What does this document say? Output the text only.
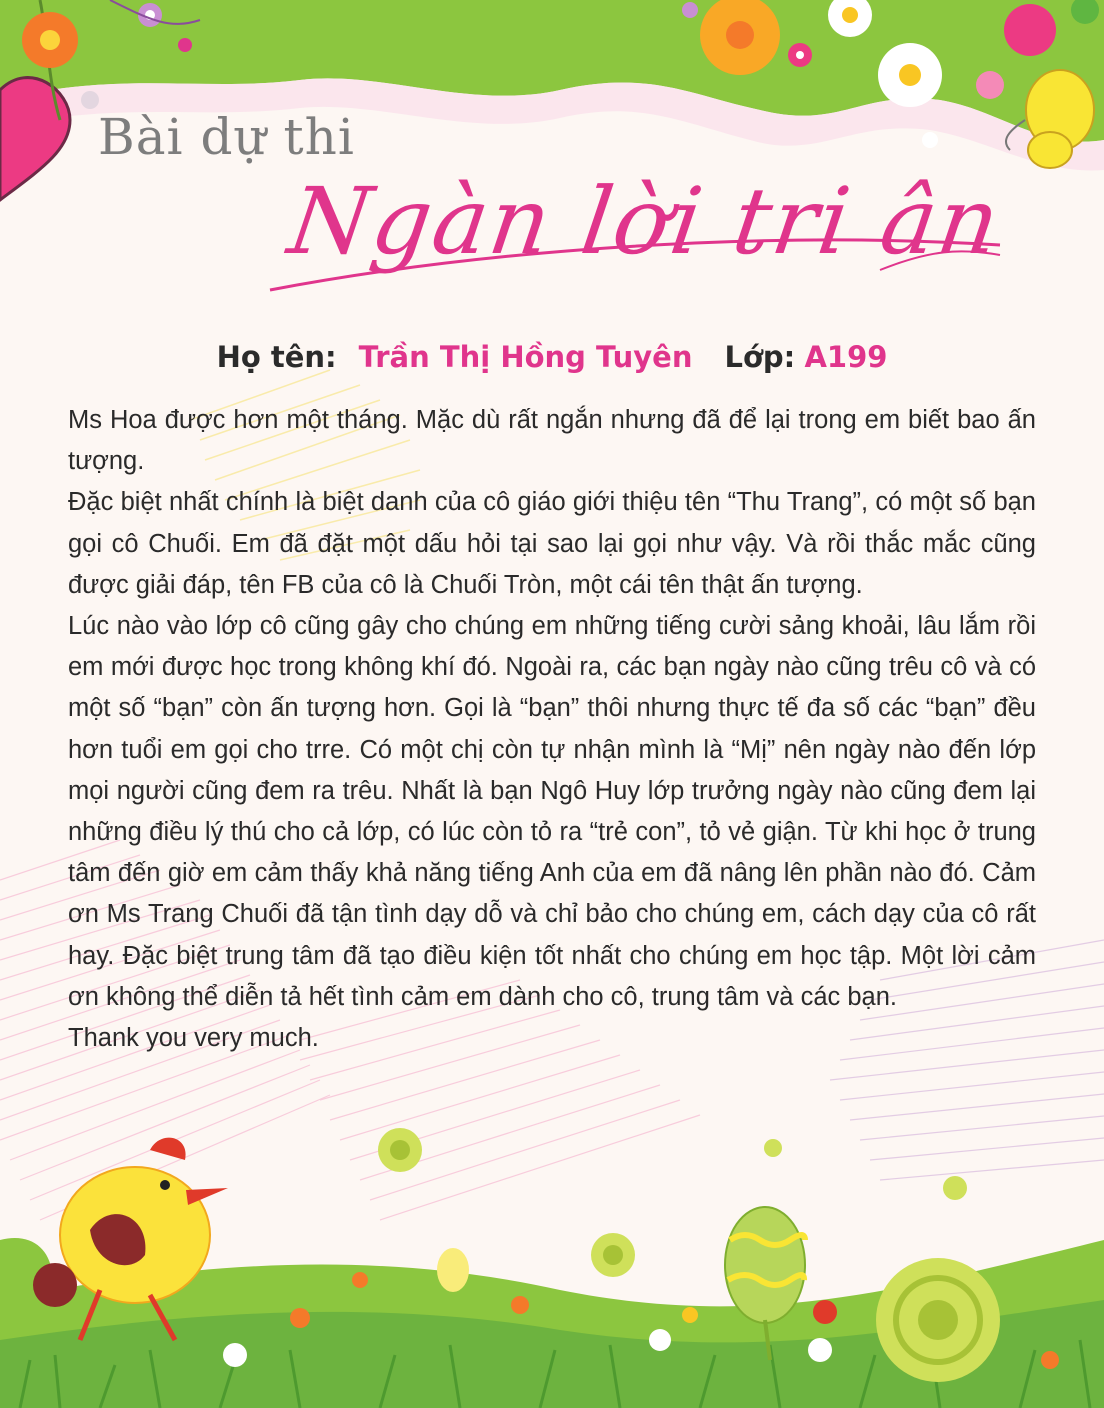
Bài dự thi
Ngàn lời tri ân
Họ tên: Trần Thị Hồng Tuyên Lớp: A199

Ms Hoa được hơn một tháng. Mặc dù rất ngắn nhưng đã để lại trong em biết bao ấn tượng.

Đặc biệt nhất chính là biệt danh của cô giáo giới thiệu tên “Thu Trang”, có một số bạn gọi cô Chuối. Em đã đặt một dấu hỏi tại sao lại gọi như vậy. Và rồi thắc mắc cũng được giải đáp, tên FB của cô là Chuối Tròn, một cái tên thật ấn tượng.

Lúc nào vào lớp cô cũng gây cho chúng em những tiếng cười sảng khoải, lâu lắm rồi em mới được học trong không khí đó. Ngoài ra, các bạn ngày nào cũng trêu cô và có một số “bạn” còn ấn tượng hơn. Gọi là “bạn” thôi nhưng thực tế đa số các “bạn” đều hơn tuổi em gọi cho trre. Có một chị còn tự nhận mình là “Mị” nên ngày nào đến lớp mọi người cũng đem ra trêu. Nhất là bạn Ngô Huy lớp trưởng ngày nào cũng đem lại những điều lý thú cho cả lớp, có lúc còn tỏ ra “trẻ con”, tỏ vẻ giận. Từ khi học ở trung tâm đến giờ em cảm thấy khả năng tiếng Anh của em đã nâng lên phần nào đó. Cảm ơn Ms Trang Chuối đã tận tình dạy dỗ và chỉ bảo cho chúng em, cách dạy của cô rất hay. Đặc biệt trung tâm đã tạo điều kiện tốt nhất cho chúng em học tập. Một lời cảm ơn không thể diễn tả hết tình cảm em dành cho cô, trung tâm và các bạn.

Thank you very much.
